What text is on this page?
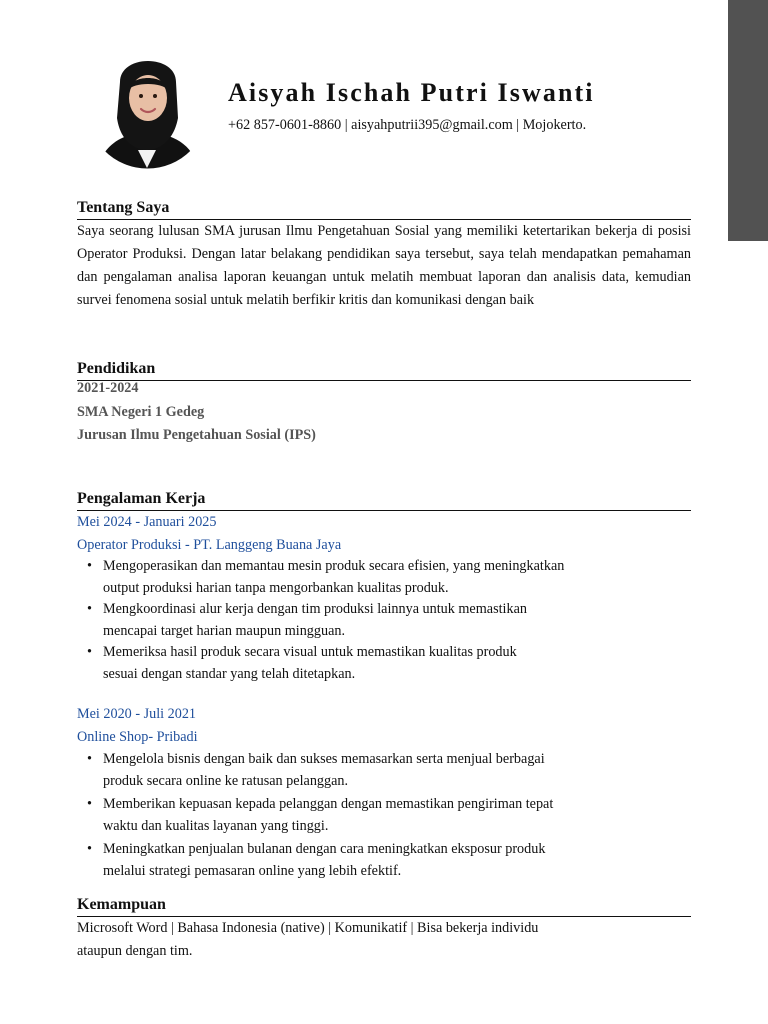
Aisyah Ischah Putri Iswanti
+62 857-0601-8860 | aisyahputrii395@gmail.com | Mojokerto.
Tentang Saya

Saya seorang lulusan SMA jurusan Ilmu Pengetahuan Sosial yang memiliki ketertarikan bekerja di posisi Operator Produksi. Dengan latar belakang pendidikan saya tersebut, saya telah mendapatkan pemahaman dan pengalaman analisa laporan keuangan untuk melatih membuat laporan dan analisis data, kemudian survei fenomena sosial untuk melatih berfikir kritis dan komunikasi dengan baik

Pendidikan

2021-2024

SMA Negeri 1 Gedeg

Jurusan Ilmu Pengetahuan Sosial (IPS)

Pengalaman Kerja

Mei 2024 - Januari 2025

Operator Produksi - PT. Langgeng Buana Jaya

• Mengoperasikan dan memantau mesin produk secara efisien, yang meningkatkan
output produksi harian tanpa mengorbankan kualitas produk.
• Mengkoordinasi alur kerja dengan tim produksi lainnya untuk memastikan
mencapai target harian maupun mingguan.
• Memeriksa hasil produk secara visual untuk memastikan kualitas produk
sesuai dengan standar yang telah ditetapkan.

Mei 2020 - Juli 2021

Online Shop- Pribadi

• Mengelola bisnis dengan baik dan sukses memasarkan serta menjual berbagai
produk secara online ke ratusan pelanggan.
• Memberikan kepuasan kepada pelanggan dengan memastikan pengiriman tepat
waktu dan kualitas layanan yang tinggi.
• Meningkatkan penjualan bulanan dengan cara meningkatkan eksposur produk
melalui strategi pemasaran online yang lebih efektif.
Kemampuan

Microsoft Word | Bahasa Indonesia (native) | Komunikatif | Bisa bekerja individu

ataupun dengan tim.
